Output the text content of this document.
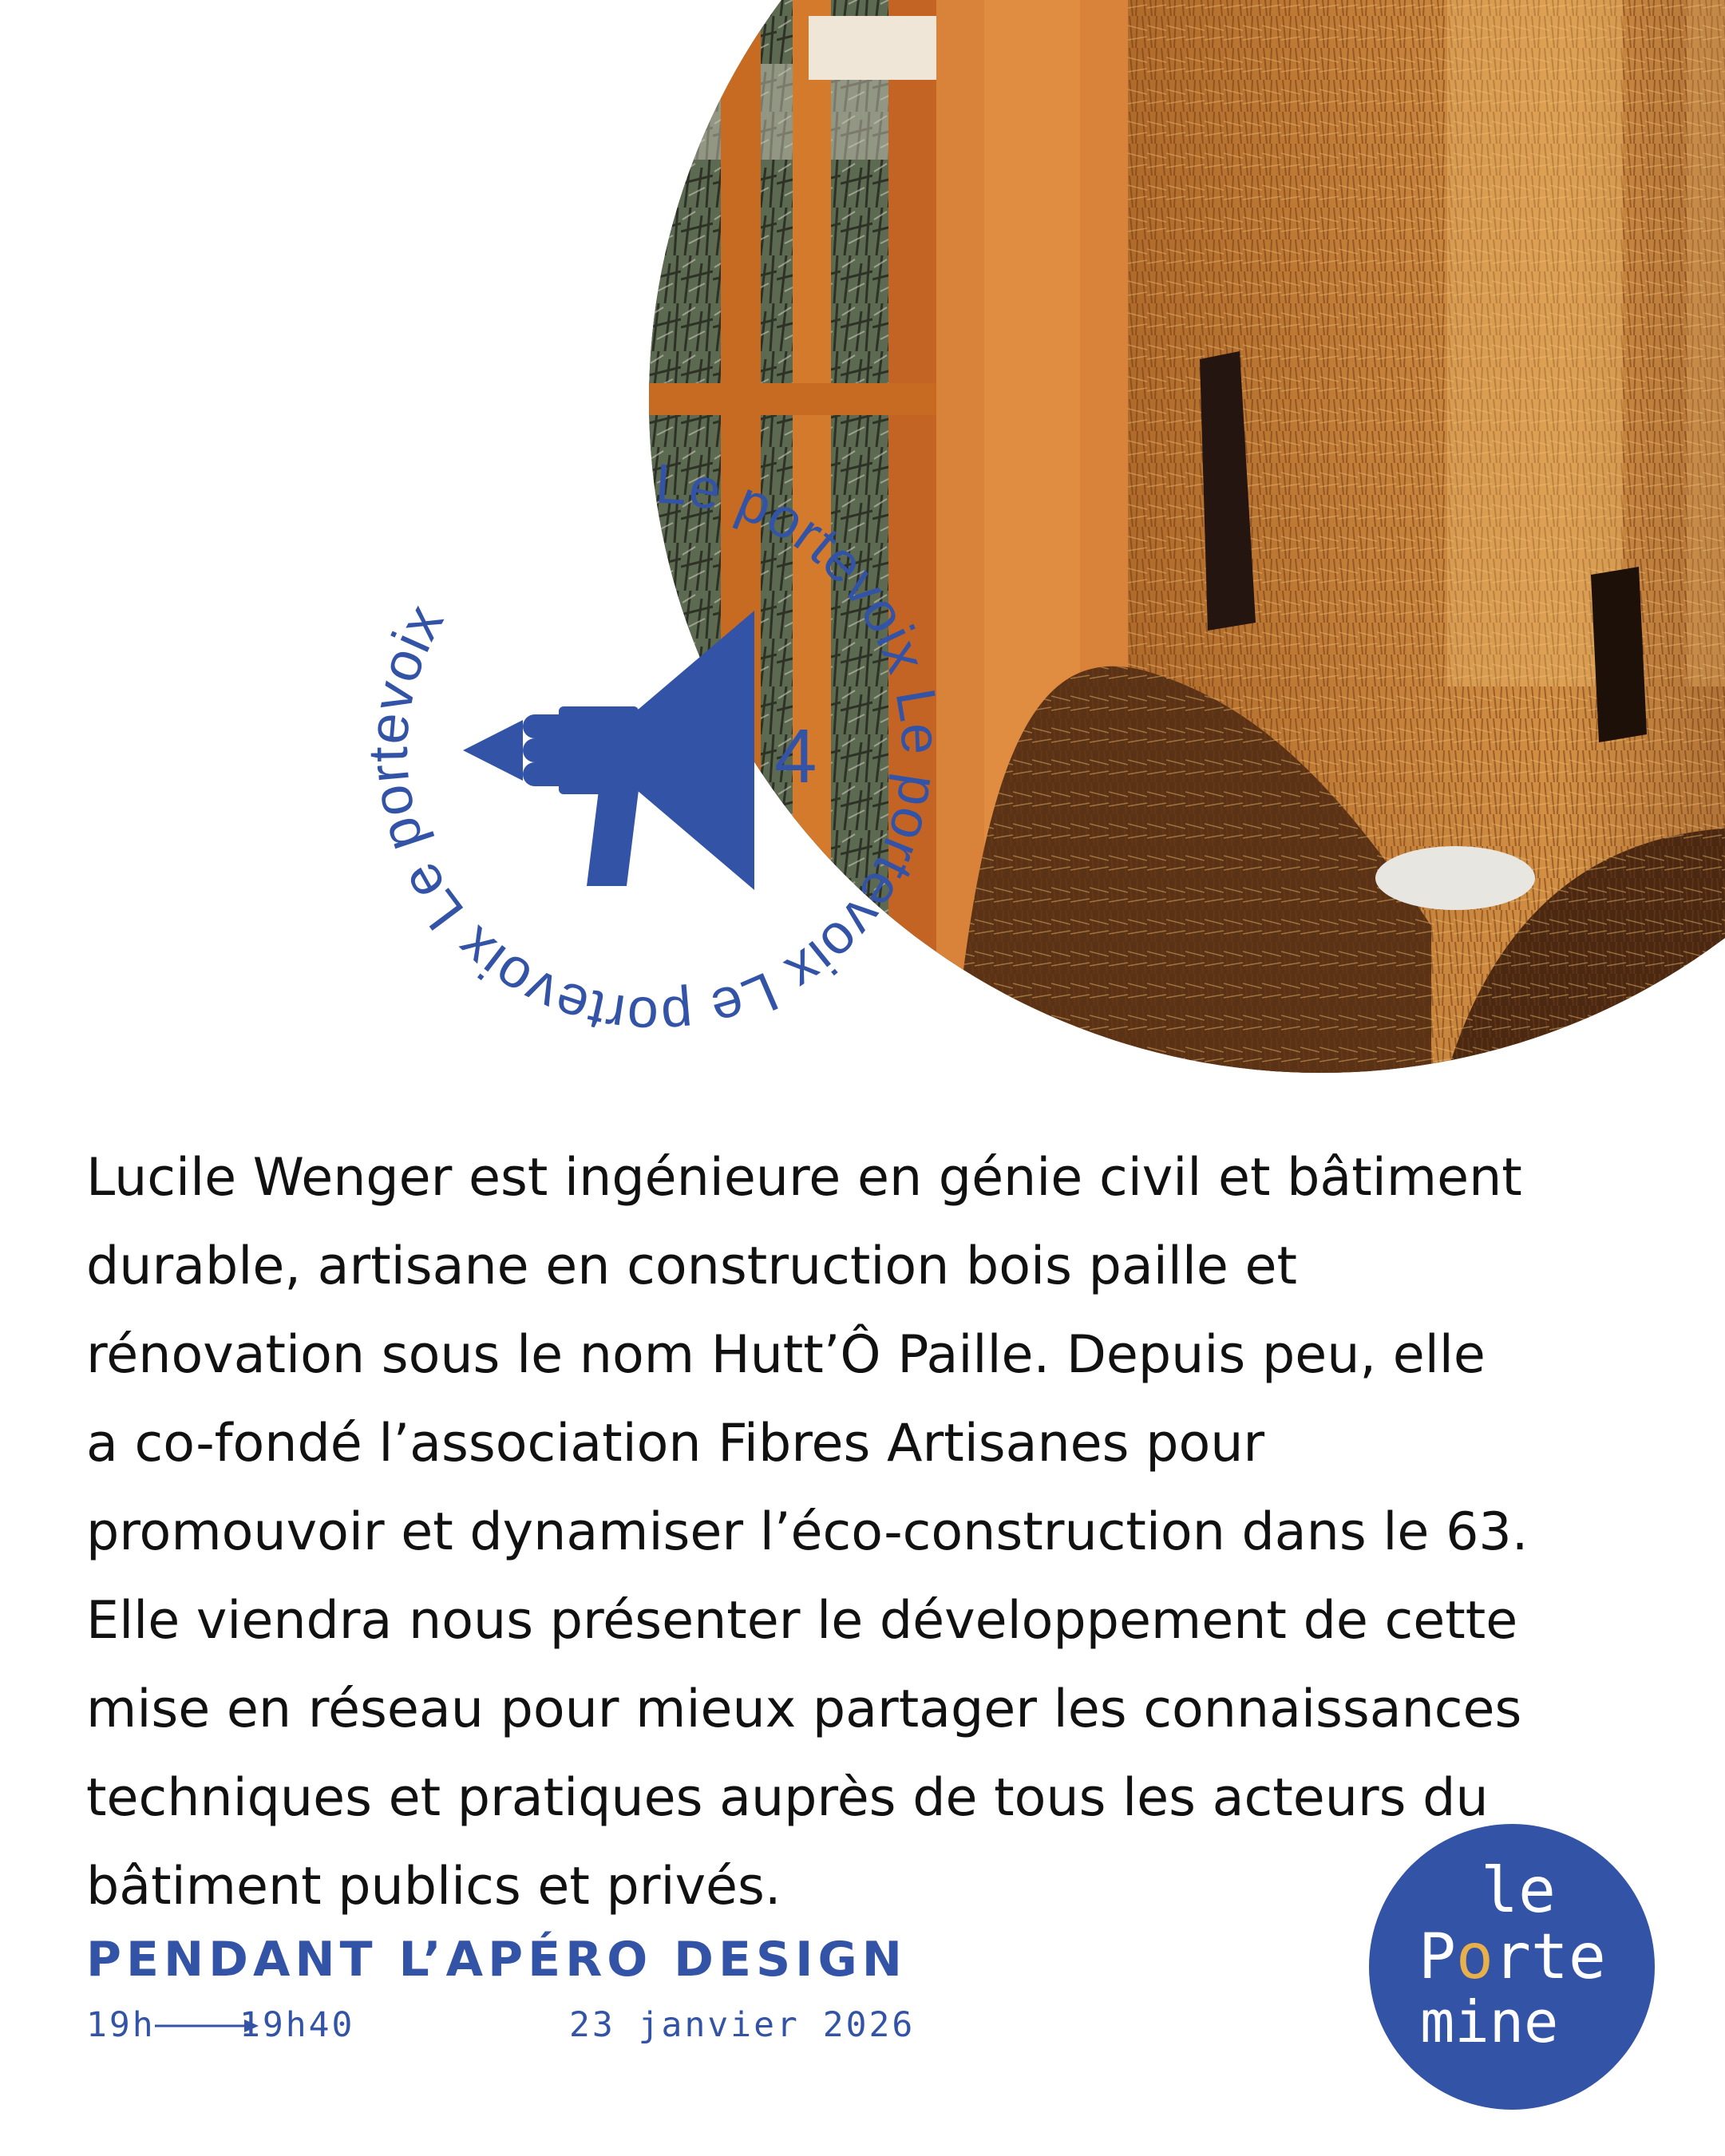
Le portevoix Le portevoix Le portevoix Le portevoix
4

Lucile Wenger est ingénieure en génie civil et bâtiment
durable, artisane en construction bois paille et
rénovation sous le nom Hutt’Ô Paille. Depuis peu, elle
a co-fondé l’association Fibres Artisanes pour
promouvoir et dynamiser l’éco-construction dans le 63.
Elle viendra nous présenter le développement de cette
mise en réseau pour mieux partager les connaissances
techniques et pratiques auprès de tous les acteurs du
bâtiment publics et privés.

PENDANT L’APÉRO DESIGN
19h 19h40	23 janvier 2026
le
Porte
mine
